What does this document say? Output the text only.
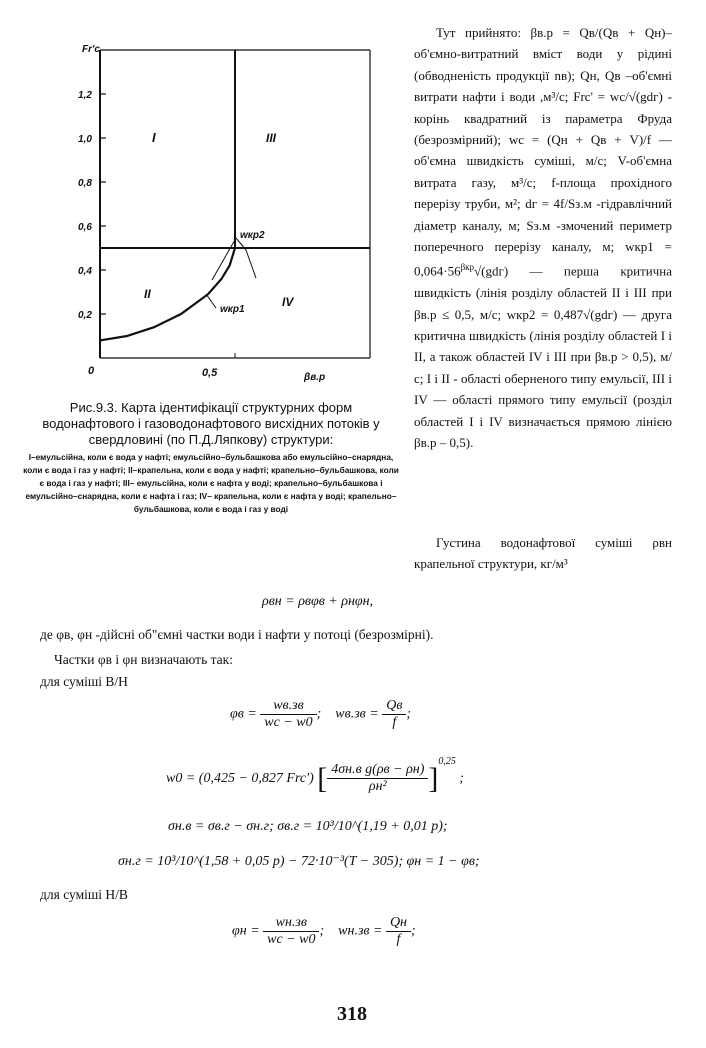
0,2
0,4
0,6
0,8
1,0
1,2
Fr'c
βв.р
0	0,5
I	III
II
IV
wкр2
wкр1
Рис.9.3. Карта ідентифікації структурних форм водонафтового і газоводонафтового висхідних потоків у свердловині (по П.Д.Ляпкову) структури:
І–емульсійна, коли є вода у нафті; емульсійно–бульбашкова або емульсійно–снарядна, коли є вода і газ у нафті; ІІ–крапельна, коли є вода у нафті; крапельно–бульбашкова, коли є вода і газ у нафті; ІІІ– емульсійна, коли є нафта у воді; крапельно–бульбашкова і емульсійно–снарядна, коли є нафта і газ; IV– крапельна, коли є нафта у воді; крапельно–бульбашкова, коли є вода і газ у воді

Тут прийнято: βв.р = Qв/(Qв + Qн)– об'ємно-витратний вміст води у рідині (обводненість продукції nв); Qн, Qв –об'ємні витрати нафти і води ,м³/с; Frc' = wc/√(gdг) - корінь квадратний із параметра Фруда (безрозмірний); wc = (Qн + Qв + V)/f — об'ємна швидкість суміші, м/с; V-об'ємна витрата газу, м³/с; f-площа прохідного перерізу труби, м²; dг = 4f/Sз.м -гідравлічний діаметр каналу, м; Sз.м -змочений периметр поперечного перерізу каналу, м; $wкр1 = 0,064\cdot 56^{\beta кр}√(gdг)$ — перша критична швидкість (лінія розділу областей ІІ і ІІІ при βв.р ≤ 0,5, м/с; wкр2 = 0,487√(gdг) — друга критична швидкість (лінія розділу областей І і ІІ, а також областей IV і ІІІ при βв.р > 0,5), м/с; І і ІІ - області оберненого типу емульсії, ІІІ і IV — області прямого типу емульсії (розділ областей І і IV визначається прямою лінією βв.р – 0,5).

Густина водонафтової суміші ρвн крапельної структури, кг/м³

ρвн = ρвφв + ρнφн,
де φв, φн -дійсні об"ємні частки води і нафти у потоці (безрозмірні).
Частки φв і φн визначають так:
для суміші В/Н
$\varphi в = \frac{wв.зв}{wc - w0}$ ;    $wв.зв = \frac{Qв}{f}$ ;
w0 = (0,425 − 0,827 Frc') [ $\frac{\text{4σн.в g(ρв − ρн)}}{\text{ρн²}} ]^{0,25}$ ;
σн.в = σв.г − σн.г; σв.г = 10³/10^(1,19 + 0,01 p);
σн.г = 10³/10^(1,58 + 0,05 p) − 72·10⁻³(T − 305); φн = 1 − φв;
для суміші Н/В
$\varphi н = \frac{wн.зв}{wc - w0}$ ;    $wн.зв = \frac{Qн}{f}$ ;
318
